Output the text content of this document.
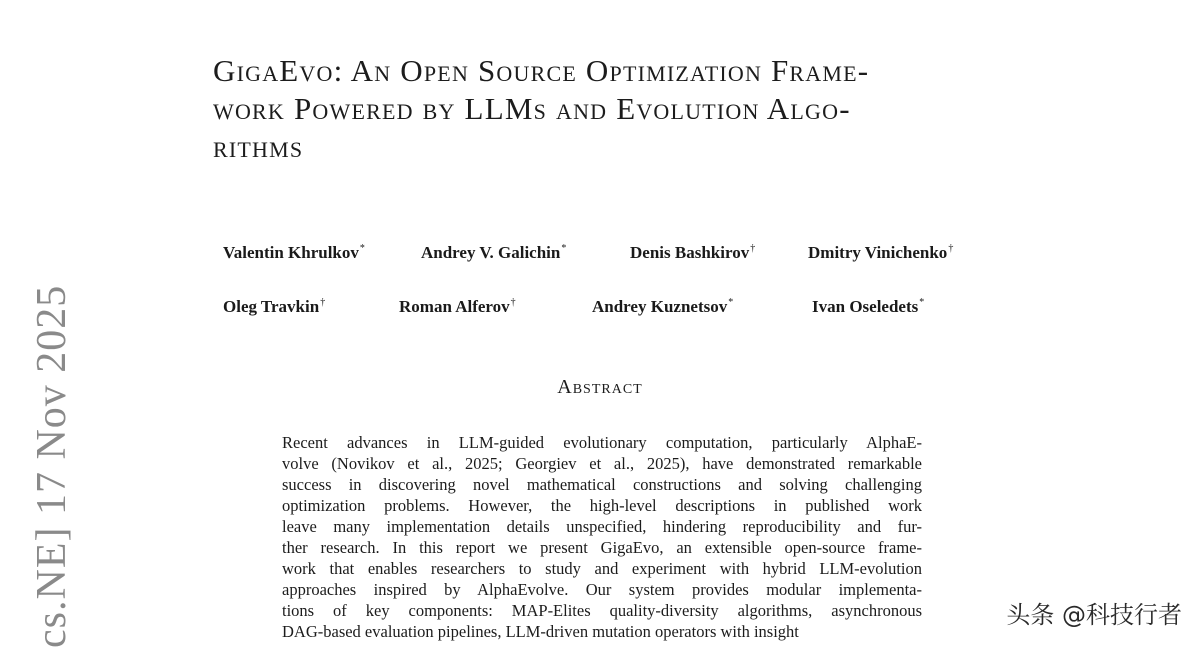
GigaEvo: An Open Source Optimization Frame-
work Powered by LLMs and Evolution Algo-
rithms
Valentin Khrulkov*	Andrey V. Galichin*	Denis Bashkirov†	Dmitry Vinichenko†
Oleg Travkin†	Roman Alferov†	Andrey Kuznetsov*	Ivan Oseledets*
Abstract
Recent advances in LLM-guided evolutionary computation, particularly AlphaE-
volve (Novikov et al., 2025; Georgiev et al., 2025), have demonstrated remarkable
success in discovering novel mathematical constructions and solving challenging
optimization problems. However, the high-level descriptions in published work
leave many implementation details unspecified, hindering reproducibility and fur-
ther research. In this report we present GigaEvo, an extensible open-source frame-
work that enables researchers to study and experiment with hybrid LLM-evolution
approaches inspired by AlphaEvolve. Our system provides modular implementa-
tions of key components: MAP-Elites quality-diversity algorithms, asynchronous
DAG-based evaluation pipelines, LLM-driven mutation operators with insight
cs.NE] 17 Nov 2025	头条 @科技行者
